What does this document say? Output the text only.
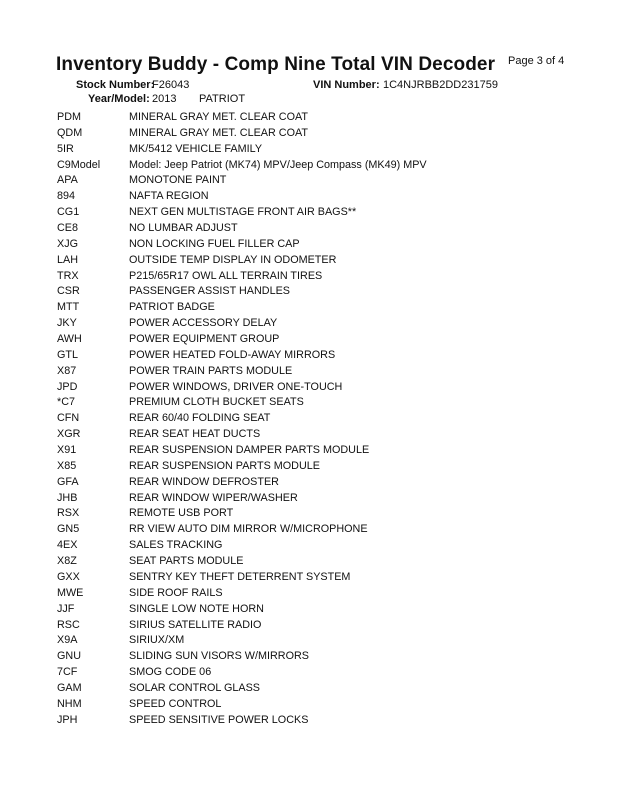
Inventory Buddy - Comp Nine Total VIN Decoder Page 3 of 4
Stock Number:
F26043	VIN Number: 1C4NJRBB2DD231759
Year/Model: 2013 PATRIOT
PDM	MINERAL GRAY MET. CLEAR COAT
QDM	MINERAL GRAY MET. CLEAR COAT
5IR	MK/5412 VEHICLE FAMILY
C9Model	Model: Jeep Patriot (MK74) MPV/Jeep Compass (MK49) MPV
APA	MONOTONE PAINT
894	NAFTA REGION
CG1	NEXT GEN MULTISTAGE FRONT AIR BAGS**
CE8	NO LUMBAR ADJUST
XJG	NON LOCKING FUEL FILLER CAP
LAH	OUTSIDE TEMP DISPLAY IN ODOMETER
TRX	P215/65R17 OWL ALL TERRAIN TIRES
CSR	PASSENGER ASSIST HANDLES
MTT	PATRIOT BADGE
JKY	POWER ACCESSORY DELAY
AWH	POWER EQUIPMENT GROUP
GTL	POWER HEATED FOLD-AWAY MIRRORS
X87	POWER TRAIN PARTS MODULE
JPD	POWER WINDOWS, DRIVER ONE-TOUCH
*C7	PREMIUM CLOTH BUCKET SEATS
CFN	REAR 60/40 FOLDING SEAT
XGR	REAR SEAT HEAT DUCTS
X91	REAR SUSPENSION DAMPER PARTS MODULE
X85	REAR SUSPENSION PARTS MODULE
GFA	REAR WINDOW DEFROSTER
JHB	REAR WINDOW WIPER/WASHER
RSX	REMOTE USB PORT
GN5	RR VIEW AUTO DIM MIRROR W/MICROPHONE
4EX	SALES TRACKING
X8Z	SEAT PARTS MODULE
GXX	SENTRY KEY THEFT DETERRENT SYSTEM
MWE	SIDE ROOF RAILS
JJF	SINGLE LOW NOTE HORN
RSC	SIRIUS SATELLITE RADIO
X9A	SIRIUX/XM
GNU	SLIDING SUN VISORS W/MIRRORS
7CF	SMOG CODE 06
GAM	SOLAR CONTROL GLASS
NHM	SPEED CONTROL
JPH	SPEED SENSITIVE POWER LOCKS
